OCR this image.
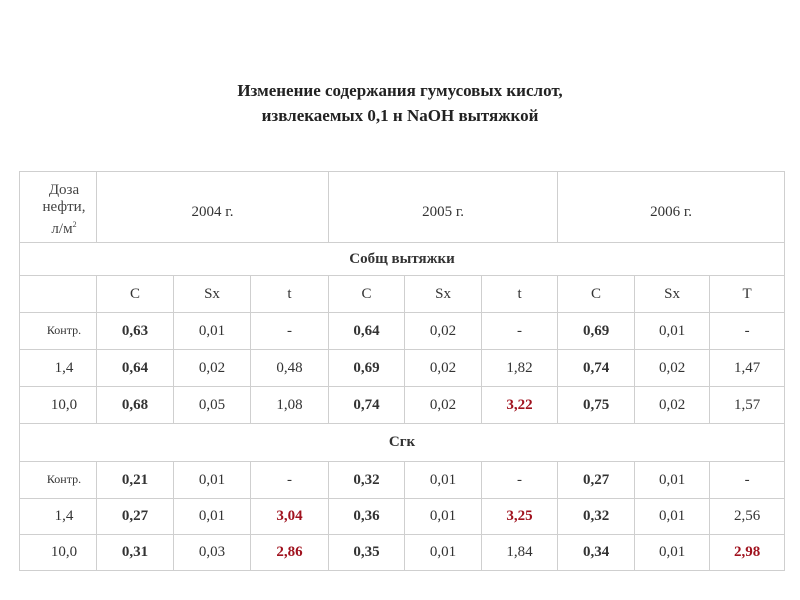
Изменение содержания гумусовых кислот,
извлекаемых 0,1 н NaOH вытяжкой
Доза
нефти,
$л/м^2$	2004 г.			2005 г.			2006 г.		
Собщ вытяжки									
	C	Sx	t	C	Sx	t	C	Sx	T
Контр.	0,63	0,01	-	0,64	0,02	-	0,69	0,01	-
1,4	0,64	0,02	0,48	0,69	0,02	1,82	0,74	0,02	1,47
10,0	0,68	0,05	1,08	0,74	0,02	3,22	0,75	0,02	1,57
Сгк									
Контр.	0,21	0,01	-	0,32	0,01	-	0,27	0,01	-
1,4	0,27	0,01	3,04	0,36	0,01	3,25	0,32	0,01	2,56
10,0	0,31	0,03	2,86	0,35	0,01	1,84	0,34	0,01	2,98
